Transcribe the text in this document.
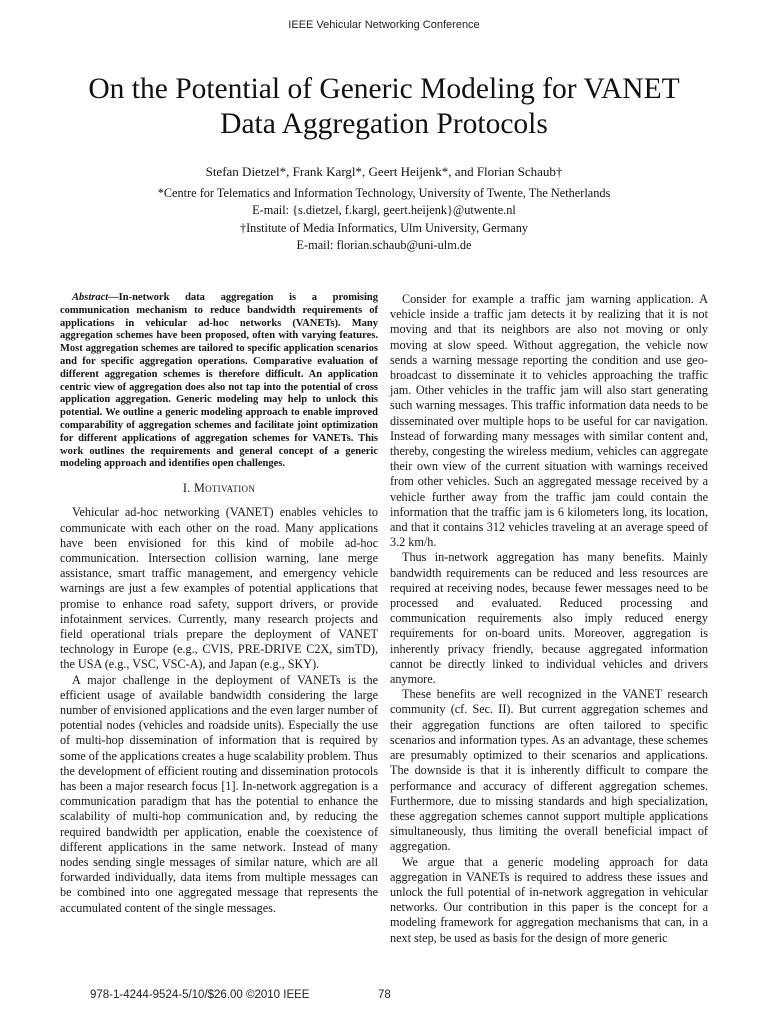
IEEE Vehicular Networking Conference
On the Potential of Generic Modeling for VANET
Data Aggregation Protocols
Stefan Dietzel*, Frank Kargl*, Geert Heijenk*, and Florian Schaub†
*Centre for Telematics and Information Technology, University of Twente, The Netherlands
E-mail: {s.dietzel, f.kargl, geert.heijenk}@utwente.nl
†Institute of Media Informatics, Ulm University, Germany
E-mail: florian.schaub@uni-ulm.de

Abstract—In-network data aggregation is a promising communication mechanism to reduce bandwidth requirements of applications in vehicular ad-hoc networks (VANETs). Many aggregation schemes have been proposed, often with varying features. Most aggregation schemes are tailored to specific application scenarios and for specific aggregation operations. Comparative evaluation of different aggregation schemes is therefore difficult. An application centric view of aggregation does also not tap into the potential of cross application aggregation. Generic modeling may help to unlock this potential. We outline a generic modeling approach to enable improved comparability of aggregation schemes and facilitate joint optimization for different applications of aggregation schemes for VANETs. This work outlines the requirements and general concept of a generic modeling approach and identifies open challenges.

I. Motivation

Vehicular ad-hoc networking (VANET) enables vehicles to communicate with each other on the road. Many applications have been envisioned for this kind of mobile ad-hoc communication. Intersection collision warning, lane merge assistance, smart traffic management, and emergency vehicle warnings are just a few examples of potential applications that promise to enhance road safety, support drivers, or provide infotainment services. Currently, many research projects and field operational trials prepare the deployment of VANET technology in Europe (e.g., CVIS, PRE-DRIVE C2X, simTD), the USA (e.g., VSC, VSC-A), and Japan (e.g., SKY).

A major challenge in the deployment of VANETs is the efficient usage of available bandwidth considering the large number of envisioned applications and the even larger number of potential nodes (vehicles and roadside units). Especially the use of multi-hop dissemination of information that is required by some of the applications creates a huge scalability problem. Thus the development of efficient routing and dissemination protocols has been a major research focus [1]. In-network aggregation is a communication paradigm that has the potential to enhance the scalability of multi-hop communication and, by reducing the required bandwidth per application, enable the coexistence of different applications in the same network. Instead of many nodes sending single messages of similar nature, which are all forwarded individually, data items from multiple messages can be combined into one aggregated message that represents the accumulated content of the single messages.

Consider for example a traffic jam warning application. A vehicle inside a traffic jam detects it by realizing that it is not moving and that its neighbors are also not moving or only moving at slow speed. Without aggregation, the vehicle now sends a warning message reporting the condition and use geo-broadcast to disseminate it to vehicles approaching the traffic jam. Other vehicles in the traffic jam will also start generating such warning messages. This traffic information data needs to be disseminated over multiple hops to be useful for car navigation. Instead of forwarding many messages with similar content and, thereby, congesting the wireless medium, vehicles can aggregate their own view of the current situation with warnings received from other vehicles. Such an aggregated message received by a vehicle further away from the traffic jam could contain the information that the traffic jam is 6 kilometers long, its location, and that it contains 312 vehicles traveling at an average speed of 3.2 km/h.

Thus in-network aggregation has many benefits. Mainly bandwidth requirements can be reduced and less resources are required at receiving nodes, because fewer messages need to be processed and evaluated. Reduced processing and communication requirements also imply reduced energy requirements for on-board units. Moreover, aggregation is inherently privacy friendly, because aggregated information cannot be directly linked to individual vehicles and drivers anymore.

These benefits are well recognized in the VANET research community (cf. Sec. II). But current aggregation schemes and their aggregation functions are often tailored to specific scenarios and information types. As an advantage, these schemes are presumably optimized to their scenarios and applications. The downside is that it is inherently difficult to compare the performance and accuracy of different aggregation schemes. Furthermore, due to missing standards and high specialization, these aggregation schemes cannot support multiple applications simultaneously, thus limiting the overall beneficial impact of aggregation.

We argue that a generic modeling approach for data aggregation in VANETs is required to address these issues and unlock the full potential of in-network aggregation in vehicular networks. Our contribution in this paper is the concept for a modeling framework for aggregation mechanisms that can, in a next step, be used as basis for the design of more generic

978-1-4244-9524-5/10/$26.00 ©2010 IEEE	78
